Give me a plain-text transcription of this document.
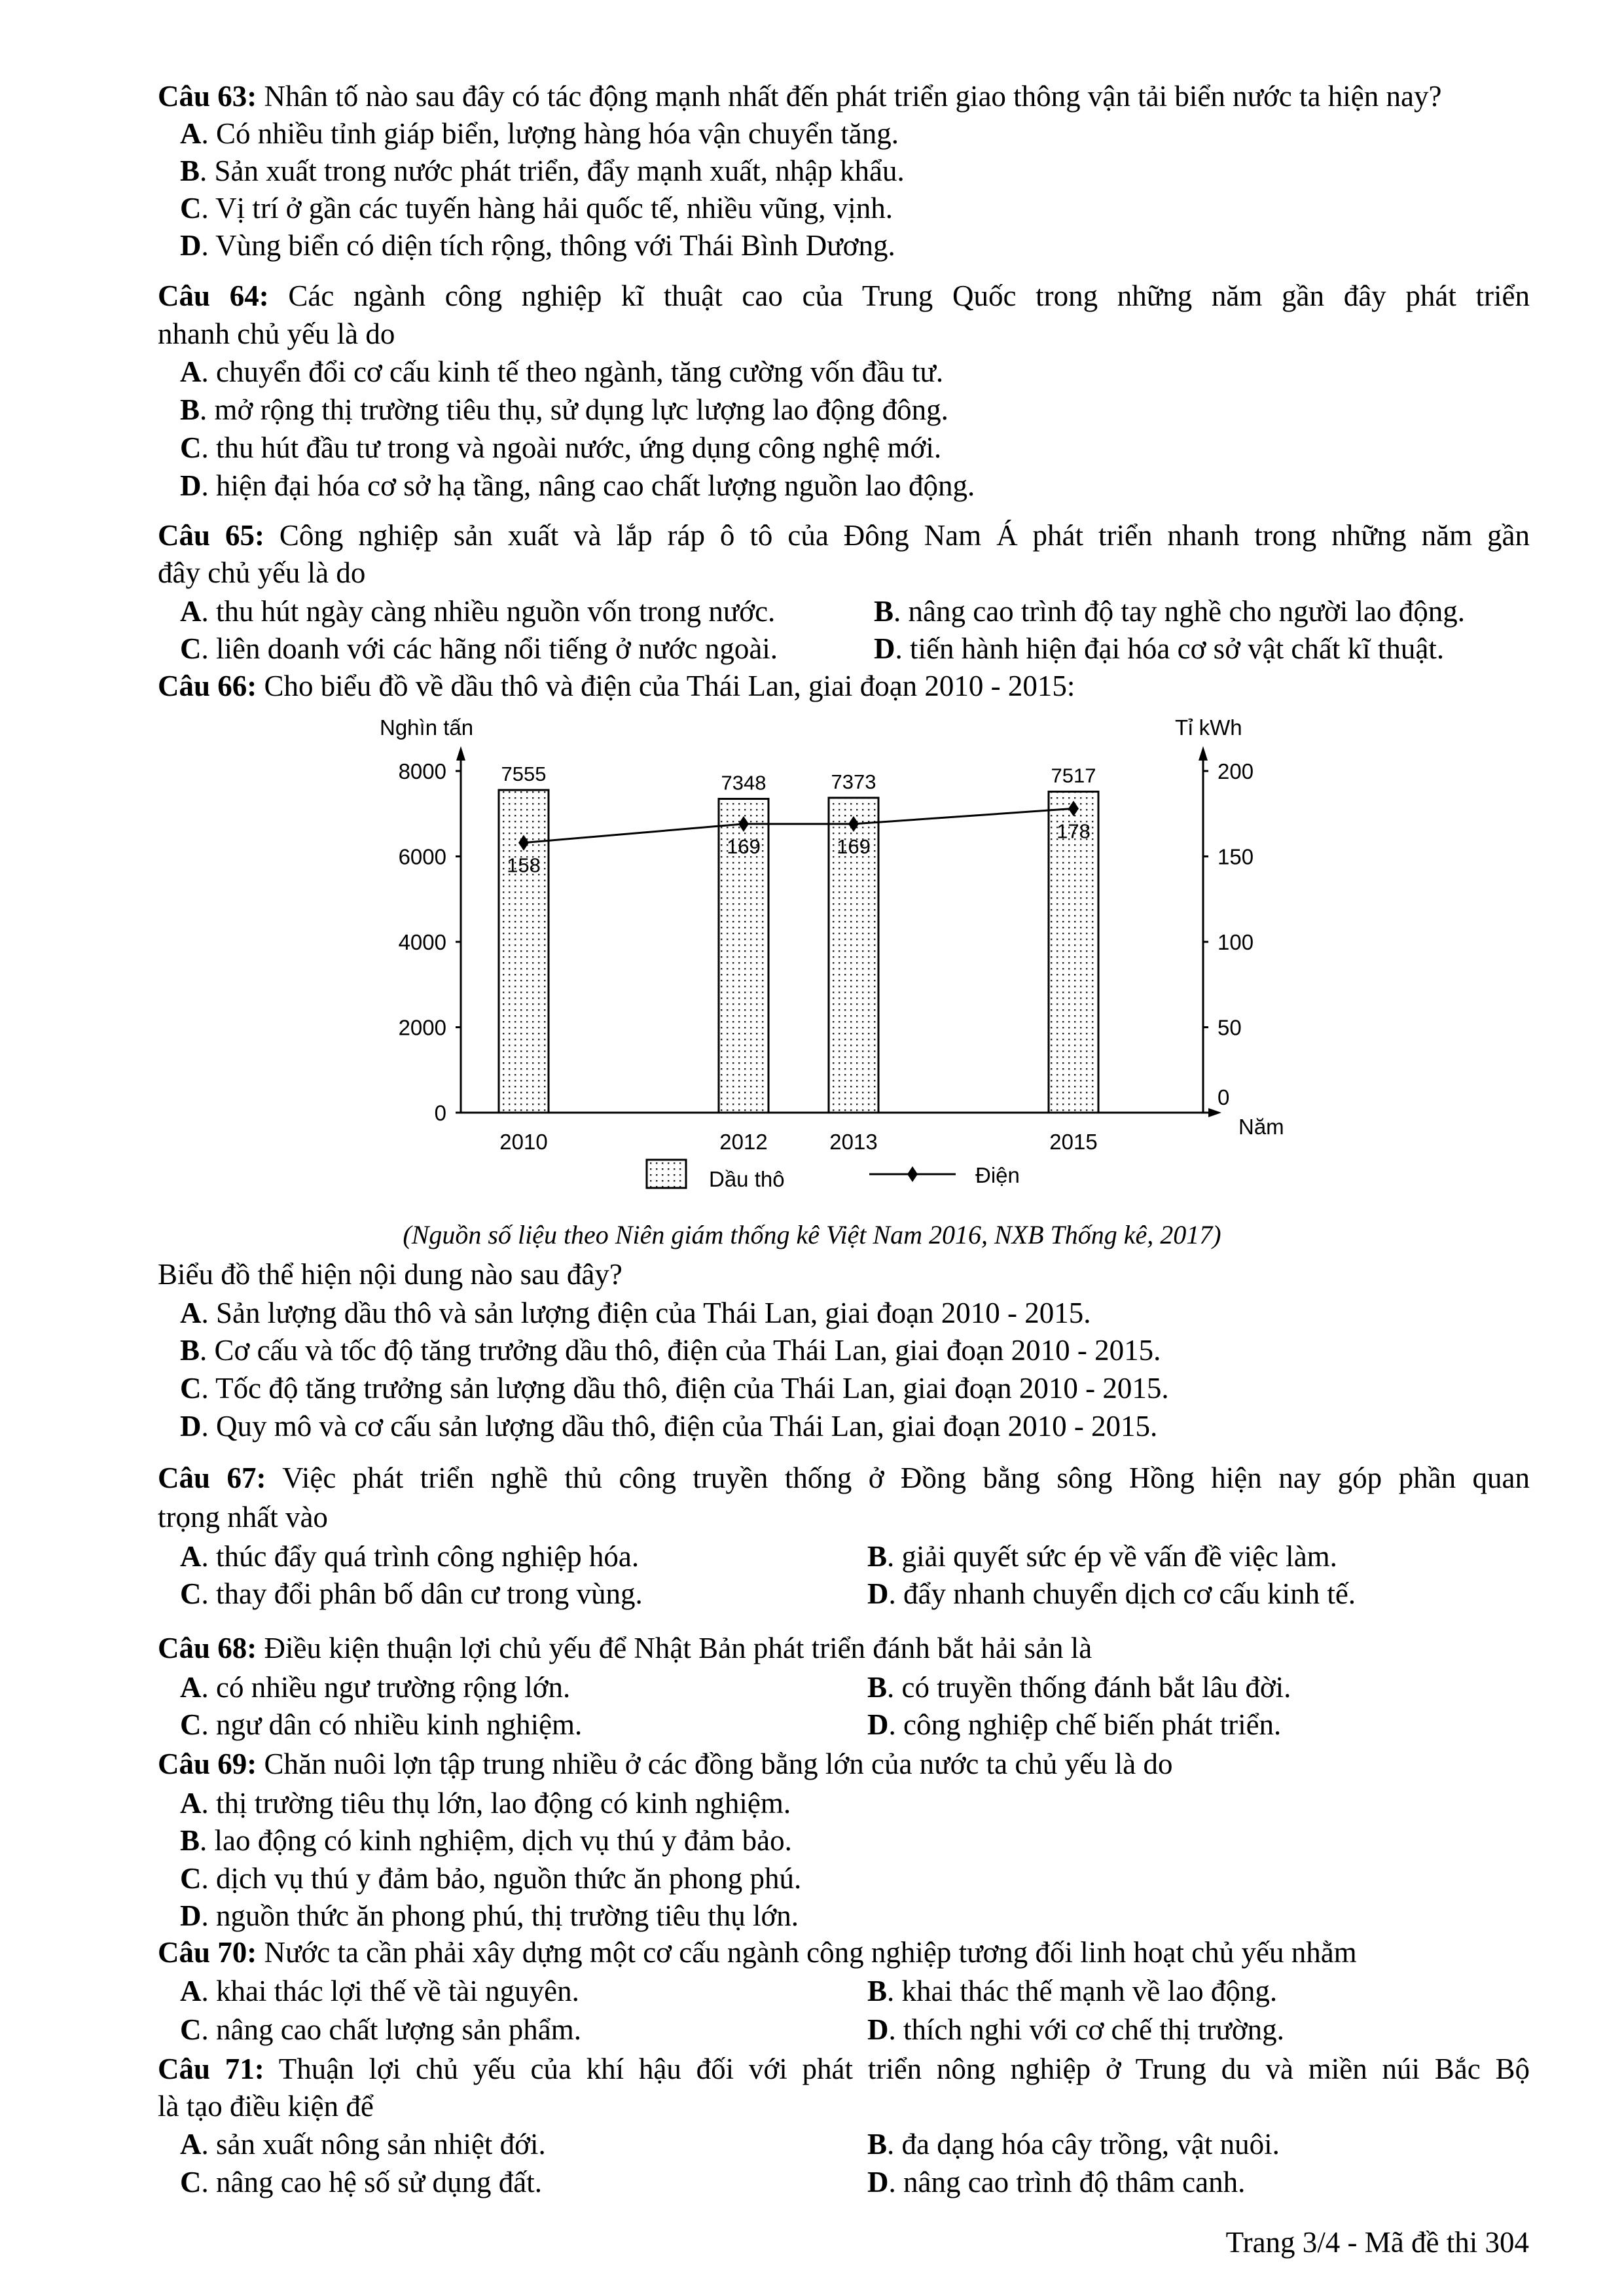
Câu 63: Nhân tố nào sau đây có tác động mạnh nhất đến phát triển giao thông vận tải biển nước ta hiện nay?
A. Có nhiều tỉnh giáp biển, lượng hàng hóa vận chuyển tăng.
B. Sản xuất trong nước phát triển, đẩy mạnh xuất, nhập khẩu.
C. Vị trí ở gần các tuyến hàng hải quốc tế, nhiều vũng, vịnh.
D. Vùng biển có diện tích rộng, thông với Thái Bình Dương.
Câu 64: Các ngành công nghiệp kĩ thuật cao của Trung Quốc trong những năm gần đây phát triển
nhanh chủ yếu là do
A. chuyển đổi cơ cấu kinh tế theo ngành, tăng cường vốn đầu tư.
B. mở rộng thị trường tiêu thụ, sử dụng lực lượng lao động đông.
C. thu hút đầu tư trong và ngoài nước, ứng dụng công nghệ mới.
D. hiện đại hóa cơ sở hạ tầng, nâng cao chất lượng nguồn lao động.
Câu 65: Công nghiệp sản xuất và lắp ráp ô tô của Đông Nam Á phát triển nhanh trong những năm gần
đây chủ yếu là do
A. thu hút ngày càng nhiều nguồn vốn trong nước.	B. nâng cao trình độ tay nghề cho người lao động.
C. liên doanh với các hãng nổi tiếng ở nước ngoài.	D. tiến hành hiện đại hóa cơ sở vật chất kĩ thuật.
Câu 66: Cho biểu đồ về dầu thô và điện của Thái Lan, giai đoạn 2010 - 2015:
Nghìn tấn	Tỉ kWh
Năm
0
2000
4000
6000
8000
0
50
100
150
200
2010	2012	2013	2015
7555	7348	7373	7517
158
169	169
178
Dầu thô	Điện
(Nguồn số liệu theo Niên giám thống kê Việt Nam 2016, NXB Thống kê, 2017)
Biểu đồ thể hiện nội dung nào sau đây?
A. Sản lượng dầu thô và sản lượng điện của Thái Lan, giai đoạn 2010 - 2015.
B. Cơ cấu và tốc độ tăng trưởng dầu thô, điện của Thái Lan, giai đoạn 2010 - 2015.
C. Tốc độ tăng trưởng sản lượng dầu thô, điện của Thái Lan, giai đoạn 2010 - 2015.
D. Quy mô và cơ cấu sản lượng dầu thô, điện của Thái Lan, giai đoạn 2010 - 2015.
Câu 67: Việc phát triển nghề thủ công truyền thống ở Đồng bằng sông Hồng hiện nay góp phần quan
trọng nhất vào
A. thúc đẩy quá trình công nghiệp hóa.	B. giải quyết sức ép về vấn đề việc làm.
C. thay đổi phân bố dân cư trong vùng.	D. đẩy nhanh chuyển dịch cơ cấu kinh tế.
Câu 68: Điều kiện thuận lợi chủ yếu để Nhật Bản phát triển đánh bắt hải sản là
A. có nhiều ngư trường rộng lớn.	B. có truyền thống đánh bắt lâu đời.
C. ngư dân có nhiều kinh nghiệm.	D. công nghiệp chế biến phát triển.
Câu 69: Chăn nuôi lợn tập trung nhiều ở các đồng bằng lớn của nước ta chủ yếu là do
A. thị trường tiêu thụ lớn, lao động có kinh nghiệm.
B. lao động có kinh nghiệm, dịch vụ thú y đảm bảo.
C. dịch vụ thú y đảm bảo, nguồn thức ăn phong phú.
D. nguồn thức ăn phong phú, thị trường tiêu thụ lớn.
Câu 70: Nước ta cần phải xây dựng một cơ cấu ngành công nghiệp tương đối linh hoạt chủ yếu nhằm
A. khai thác lợi thế về tài nguyên.	B. khai thác thế mạnh về lao động.
C. nâng cao chất lượng sản phẩm.	D. thích nghi với cơ chế thị trường.
Câu 71: Thuận lợi chủ yếu của khí hậu đối với phát triển nông nghiệp ở Trung du và miền núi Bắc Bộ
là tạo điều kiện để
A. sản xuất nông sản nhiệt đới.	B. đa dạng hóa cây trồng, vật nuôi.
C. nâng cao hệ số sử dụng đất.	D. nâng cao trình độ thâm canh.
Trang 3/4 - Mã đề thi 304
